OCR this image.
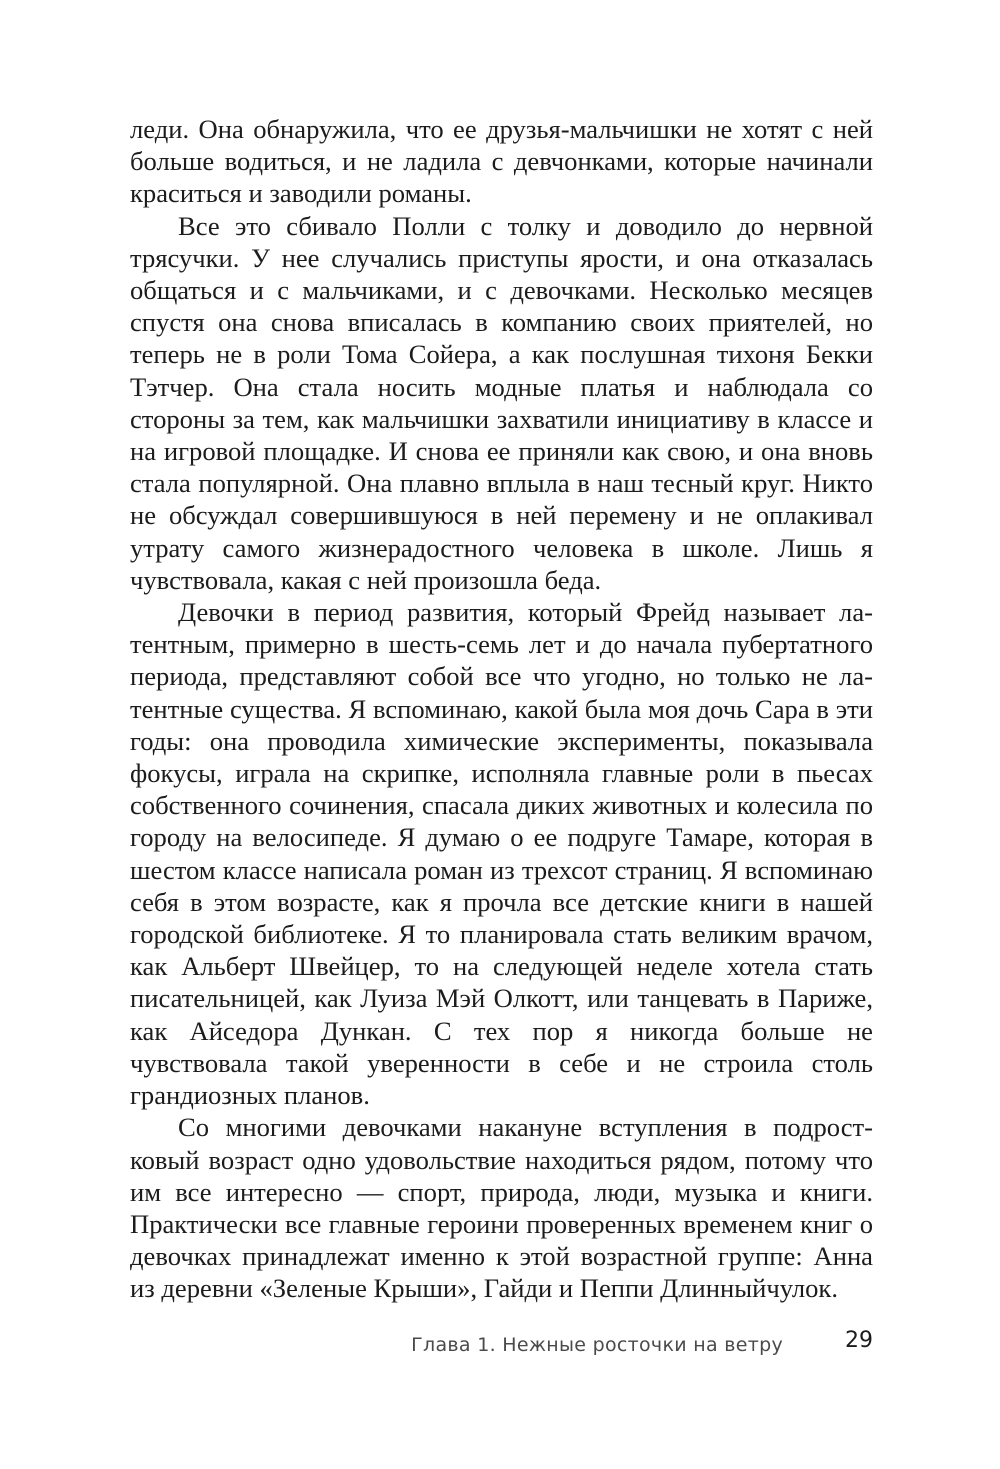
леди. Она обнаружила, что ее друзья-мальчишки не хотят с ней больше водиться, и не ладила с девчонками, которые начинали краситься и заводили романы.

Все это сбивало Полли с толку и доводило до нервной трясучки. У нее случались приступы ярости, и она отказалась общаться и с мальчиками, и с девочками. Несколько месяцев спустя она снова вписалась в компанию своих приятелей, но теперь не в роли Тома Сойера, а как послушная тихоня Бекки Тэтчер. Она стала носить модные платья и наблюдала со стороны за тем, как мальчишки захватили инициативу в классе и на игровой площадке. И снова ее приняли как свою, и она вновь стала популярной. Она плавно вплыла в наш тесный круг. Никто не обсуждал совершившуюся в ней перемену и не оплакивал утрату самого жизнерадостного человека в школе. Лишь я чувствовала, какая с ней произошла беда.

Девочки в период развития, который Фрейд называет латентным, примерно в шесть-семь лет и до начала пубертатного периода, представляют собой все что угодно, но только не латентные существа. Я вспоминаю, какой была моя дочь Сара в эти годы: она проводила химические эксперименты, показывала фокусы, играла на скрипке, исполняла главные роли в пьесах собственного сочинения, спасала диких животных и колесила по городу на велосипеде. Я думаю о ее подруге Тамаре, которая в шестом классе написала роман из трехсот страниц. Я вспоминаю себя в этом возрасте, как я прочла все детские книги в нашей городской библиотеке. Я то планировала стать великим врачом, как Альберт Швейцер, то на следующей неделе хотела стать писательницей, как Луиза Мэй Олкотт, или танцевать в Париже, как Айседора Дункан. С тех пор я никогда больше не чувствовала такой уверенности в себе и не строила столь грандиозных планов.

Со многими девочками накануне вступления в подростковый возраст одно удовольствие находиться рядом, потому что им все интересно — спорт, природа, люди, музыка и книги. Практически все главные героини проверенных временем книг о девочках принадлежат именно к этой возрастной группе: Анна из деревни «Зеленые Крыши», Гайди и Пеппи Длинныйчулок.

Глава 1. Нежные росточки на ветру	29
